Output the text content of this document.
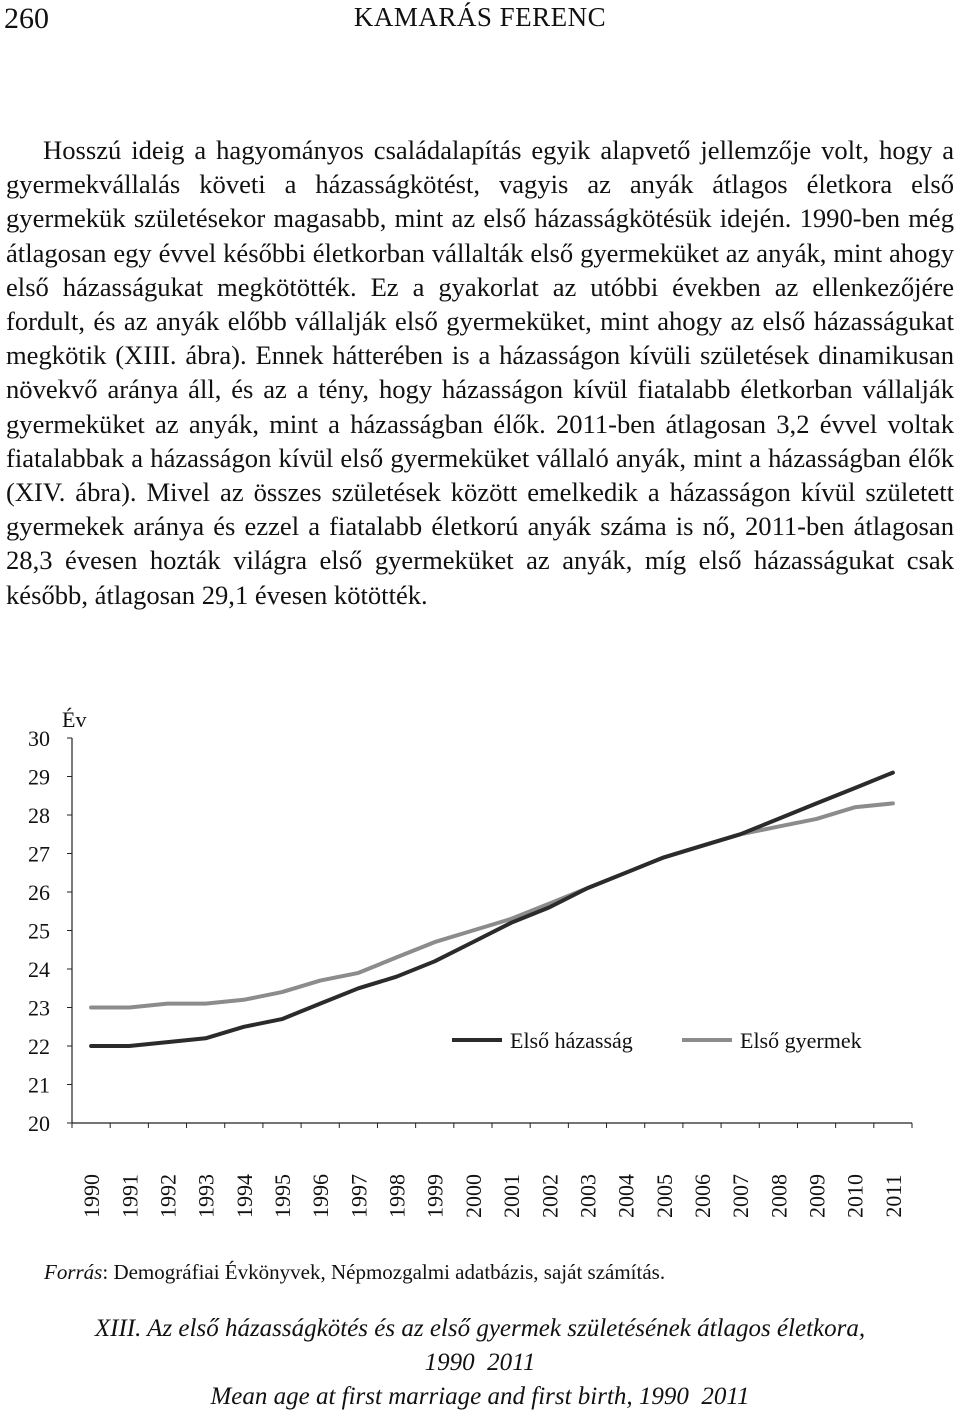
260	KAMARÁS FERENC

Hosszú ideig a hagyományos családalapítás egyik alapvető jellemzője volt, hogy a gyermekvállalás követi a házasságkötést, vagyis az anyák átlagos életkora első gyermekük születésekor magasabb, mint az első házasságkötésük idején. 1990-ben még átlagosan egy évvel későbbi életkorban vállalták első gyermeküket az anyák, mint ahogy első házasságukat megkötötték. Ez a gyakorlat az utóbbi években az ellenkezőjére fordult, és az anyák előbb vállalják első gyermeküket, mint ahogy az első házasságukat megkötik (XIII. ábra). Ennek hátterében is a házasságon kívüli születések dinamikusan növekvő aránya áll, és az a tény, hogy házasságon kívül fiatalabb életkorban vállalják gyermeküket az anyák, mint a házasságban élők. 2011-ben átlagosan 3,2 évvel voltak fiatalabbak a házasságon kívül első gyermeküket vállaló anyák, mint a házasságban élők (XIV. ábra). Mivel az összes születések között emelkedik a házasságon kívül született gyermekek aránya és ezzel a fiatalabb életkorú anyák száma is nő, 2011-ben átlagosan 28,3 évesen hozták világra első gyermeküket az anyák, míg első házasságukat csak később, átlagosan 29,1 évesen kötötték.

20
21
22
23
24
25
26
27
28
29
30
1990 1991 1992 1993 1994 1995 1996 1997 1998 1999 2000 2001 2002 2003 2004 2005 2006 2007 2008 2009 2010 2011
Első házasság	Első gyermek
Év
Forrás: Demográfiai Évkönyvek, Népmozgalmi adatbázis, saját számítás.
XIII. Az első házasságkötés és az első gyermek születésének átlagos életkora,
1990 2011
Mean age at first marriage and first birth, 1990 2011
